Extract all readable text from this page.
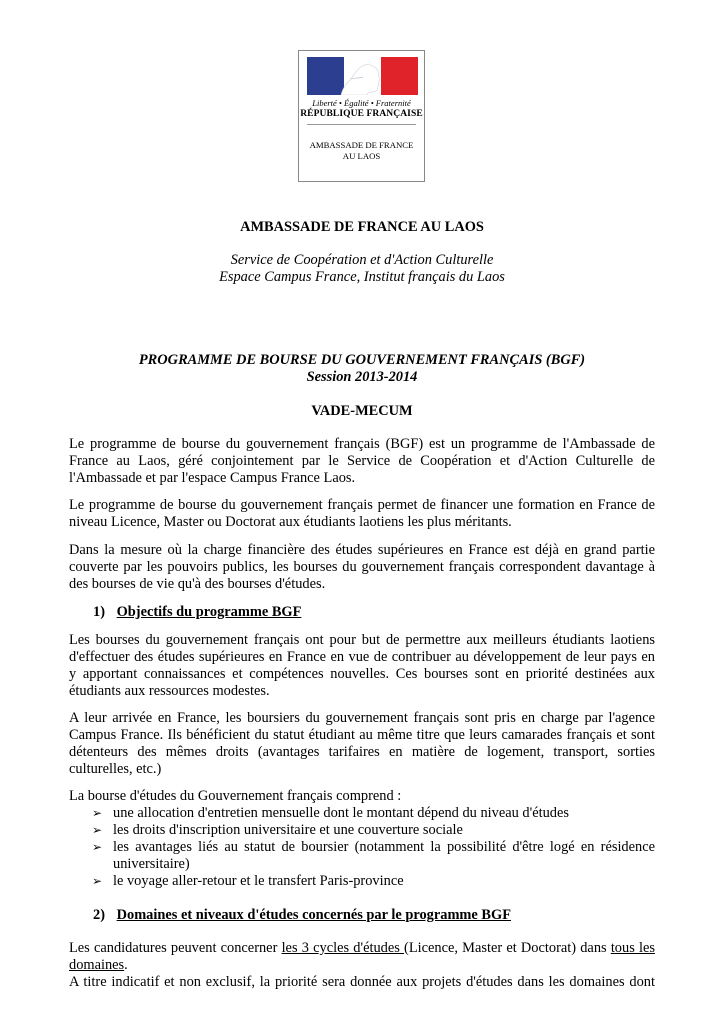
Liberté • Égalité • Fraternité
RÉPUBLIQUE FRANÇAISE
AMBASSADE DE FRANCE
AU LAOS
AMBASSADE DE FRANCE AU LAOS
Service de Coopération et d'Action Culturelle
Espace Campus France, Institut français du Laos
PROGRAMME DE BOURSE DU GOUVERNEMENT FRANÇAIS (BGF)
Session 2013-2014
VADE-MECUM
Le programme de bourse du gouvernement français (BGF) est un programme de l'Ambassade de
France au Laos, géré conjointement par le Service de Coopération et d'Action Culturelle de
l'Ambassade et par l'espace Campus France Laos.
Le programme de bourse du gouvernement français permet de financer une formation en France de
niveau Licence, Master ou Doctorat aux étudiants laotiens les plus méritants.
Dans la mesure où la charge financière des études supérieures en France est déjà en grand partie
couverte par les pouvoirs publics, les bourses du gouvernement français correspondent davantage à
des bourses de vie qu'à des bourses d'études.
1) Objectifs du programme BGF
Les bourses du gouvernement français ont pour but de permettre aux meilleurs étudiants laotiens
d'effectuer des études supérieures en France en vue de contribuer au développement de leur pays en
y apportant connaissances et compétences nouvelles. Ces bourses sont en priorité destinées aux
étudiants aux ressources modestes.
A leur arrivée en France, les boursiers du gouvernement français sont pris en charge par l'agence
Campus France. Ils bénéficient du statut étudiant au même titre que leurs camarades français et sont
détenteurs des mêmes droits (avantages tarifaires en matière de logement, transport, sorties
culturelles, etc.)
La bourse d'études du Gouvernement français comprend :
➢ une allocation d'entretien mensuelle dont le montant dépend du niveau d'études
➢ les droits d'inscription universitaire et une couverture sociale
➢ les avantages liés au statut de boursier (notamment la possibilité d'être logé en résidence
universitaire)
➢ le voyage aller-retour et le transfert Paris-province
2) Domaines et niveaux d'études concernés par le programme BGF
Les candidatures peuvent concerner les 3 cycles d'études (Licence, Master et Doctorat) dans tous les
domaines.
A titre indicatif et non exclusif, la priorité sera donnée aux projets d'études dans les domaines dont
